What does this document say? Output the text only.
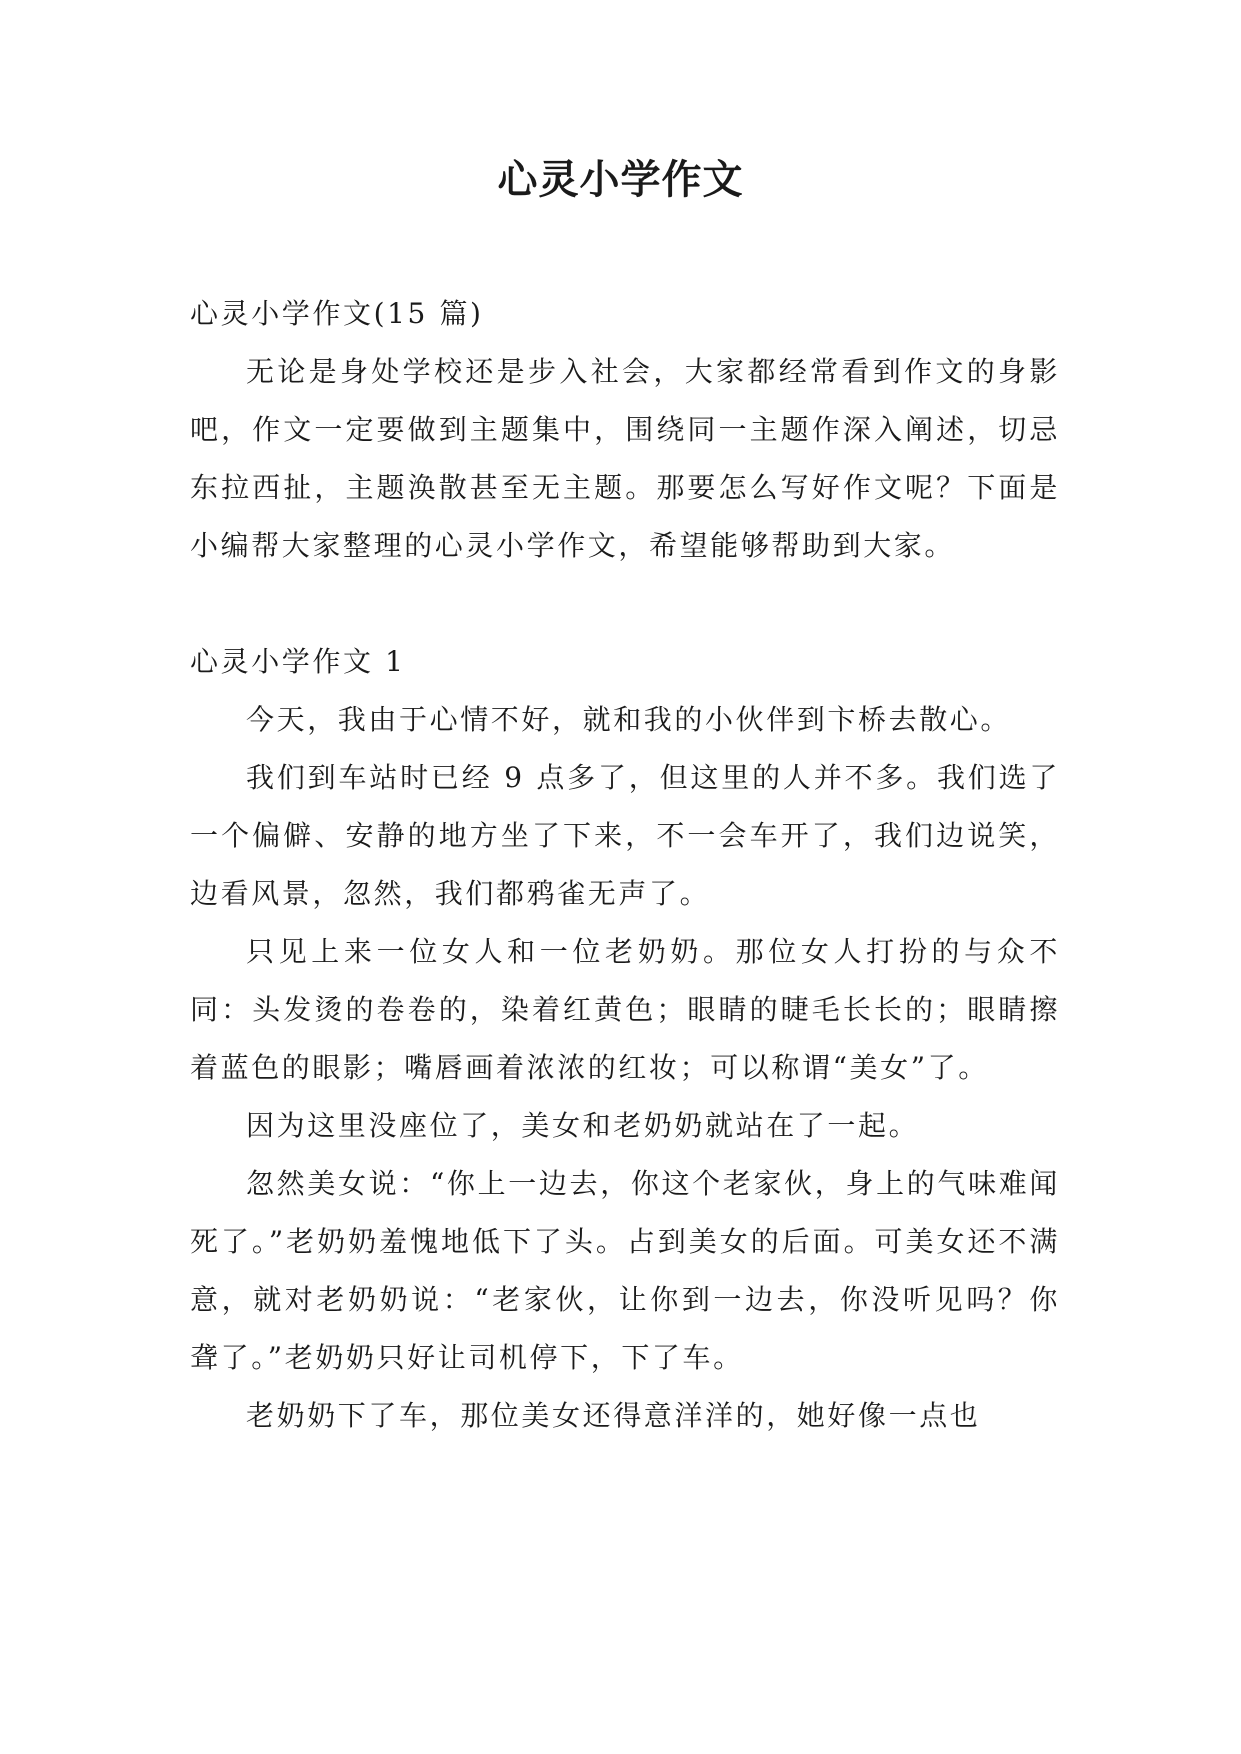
心灵小学作文

心灵小学作文(15 篇)

无论是身处学校还是步入社会，大家都经常看到作文的身影吧，作文一定要做到主题集中，围绕同一主题作深入阐述，切忌东拉西扯，主题涣散甚至无主题。那要怎么写好作文呢？下面是小编帮大家整理的心灵小学作文，希望能够帮助到大家。

心灵小学作文 1

今天，我由于心情不好，就和我的小伙伴到卞桥去散心。

我们到车站时已经 9 点多了，但这里的人并不多。我们选了一个偏僻、安静的地方坐了下来，不一会车开了，我们边说笑，边看风景，忽然，我们都鸦雀无声了。

只见上来一位女人和一位老奶奶。那位女人打扮的与众不同：头发烫的卷卷的，染着红黄色；眼睛的睫毛长长的；眼睛擦着蓝色的眼影；嘴唇画着浓浓的红妆；可以称谓“美女”了。

因为这里没座位了，美女和老奶奶就站在了一起。

忽然美女说：“你上一边去，你这个老家伙，身上的气味难闻死了。”老奶奶羞愧地低下了头。占到美女的后面。可美女还不满意，就对老奶奶说：“老家伙，让你到一边去，你没听见吗？你聋了。”老奶奶只好让司机停下，下了车。

老奶奶下了车，那位美女还得意洋洋的，她好像一点也
